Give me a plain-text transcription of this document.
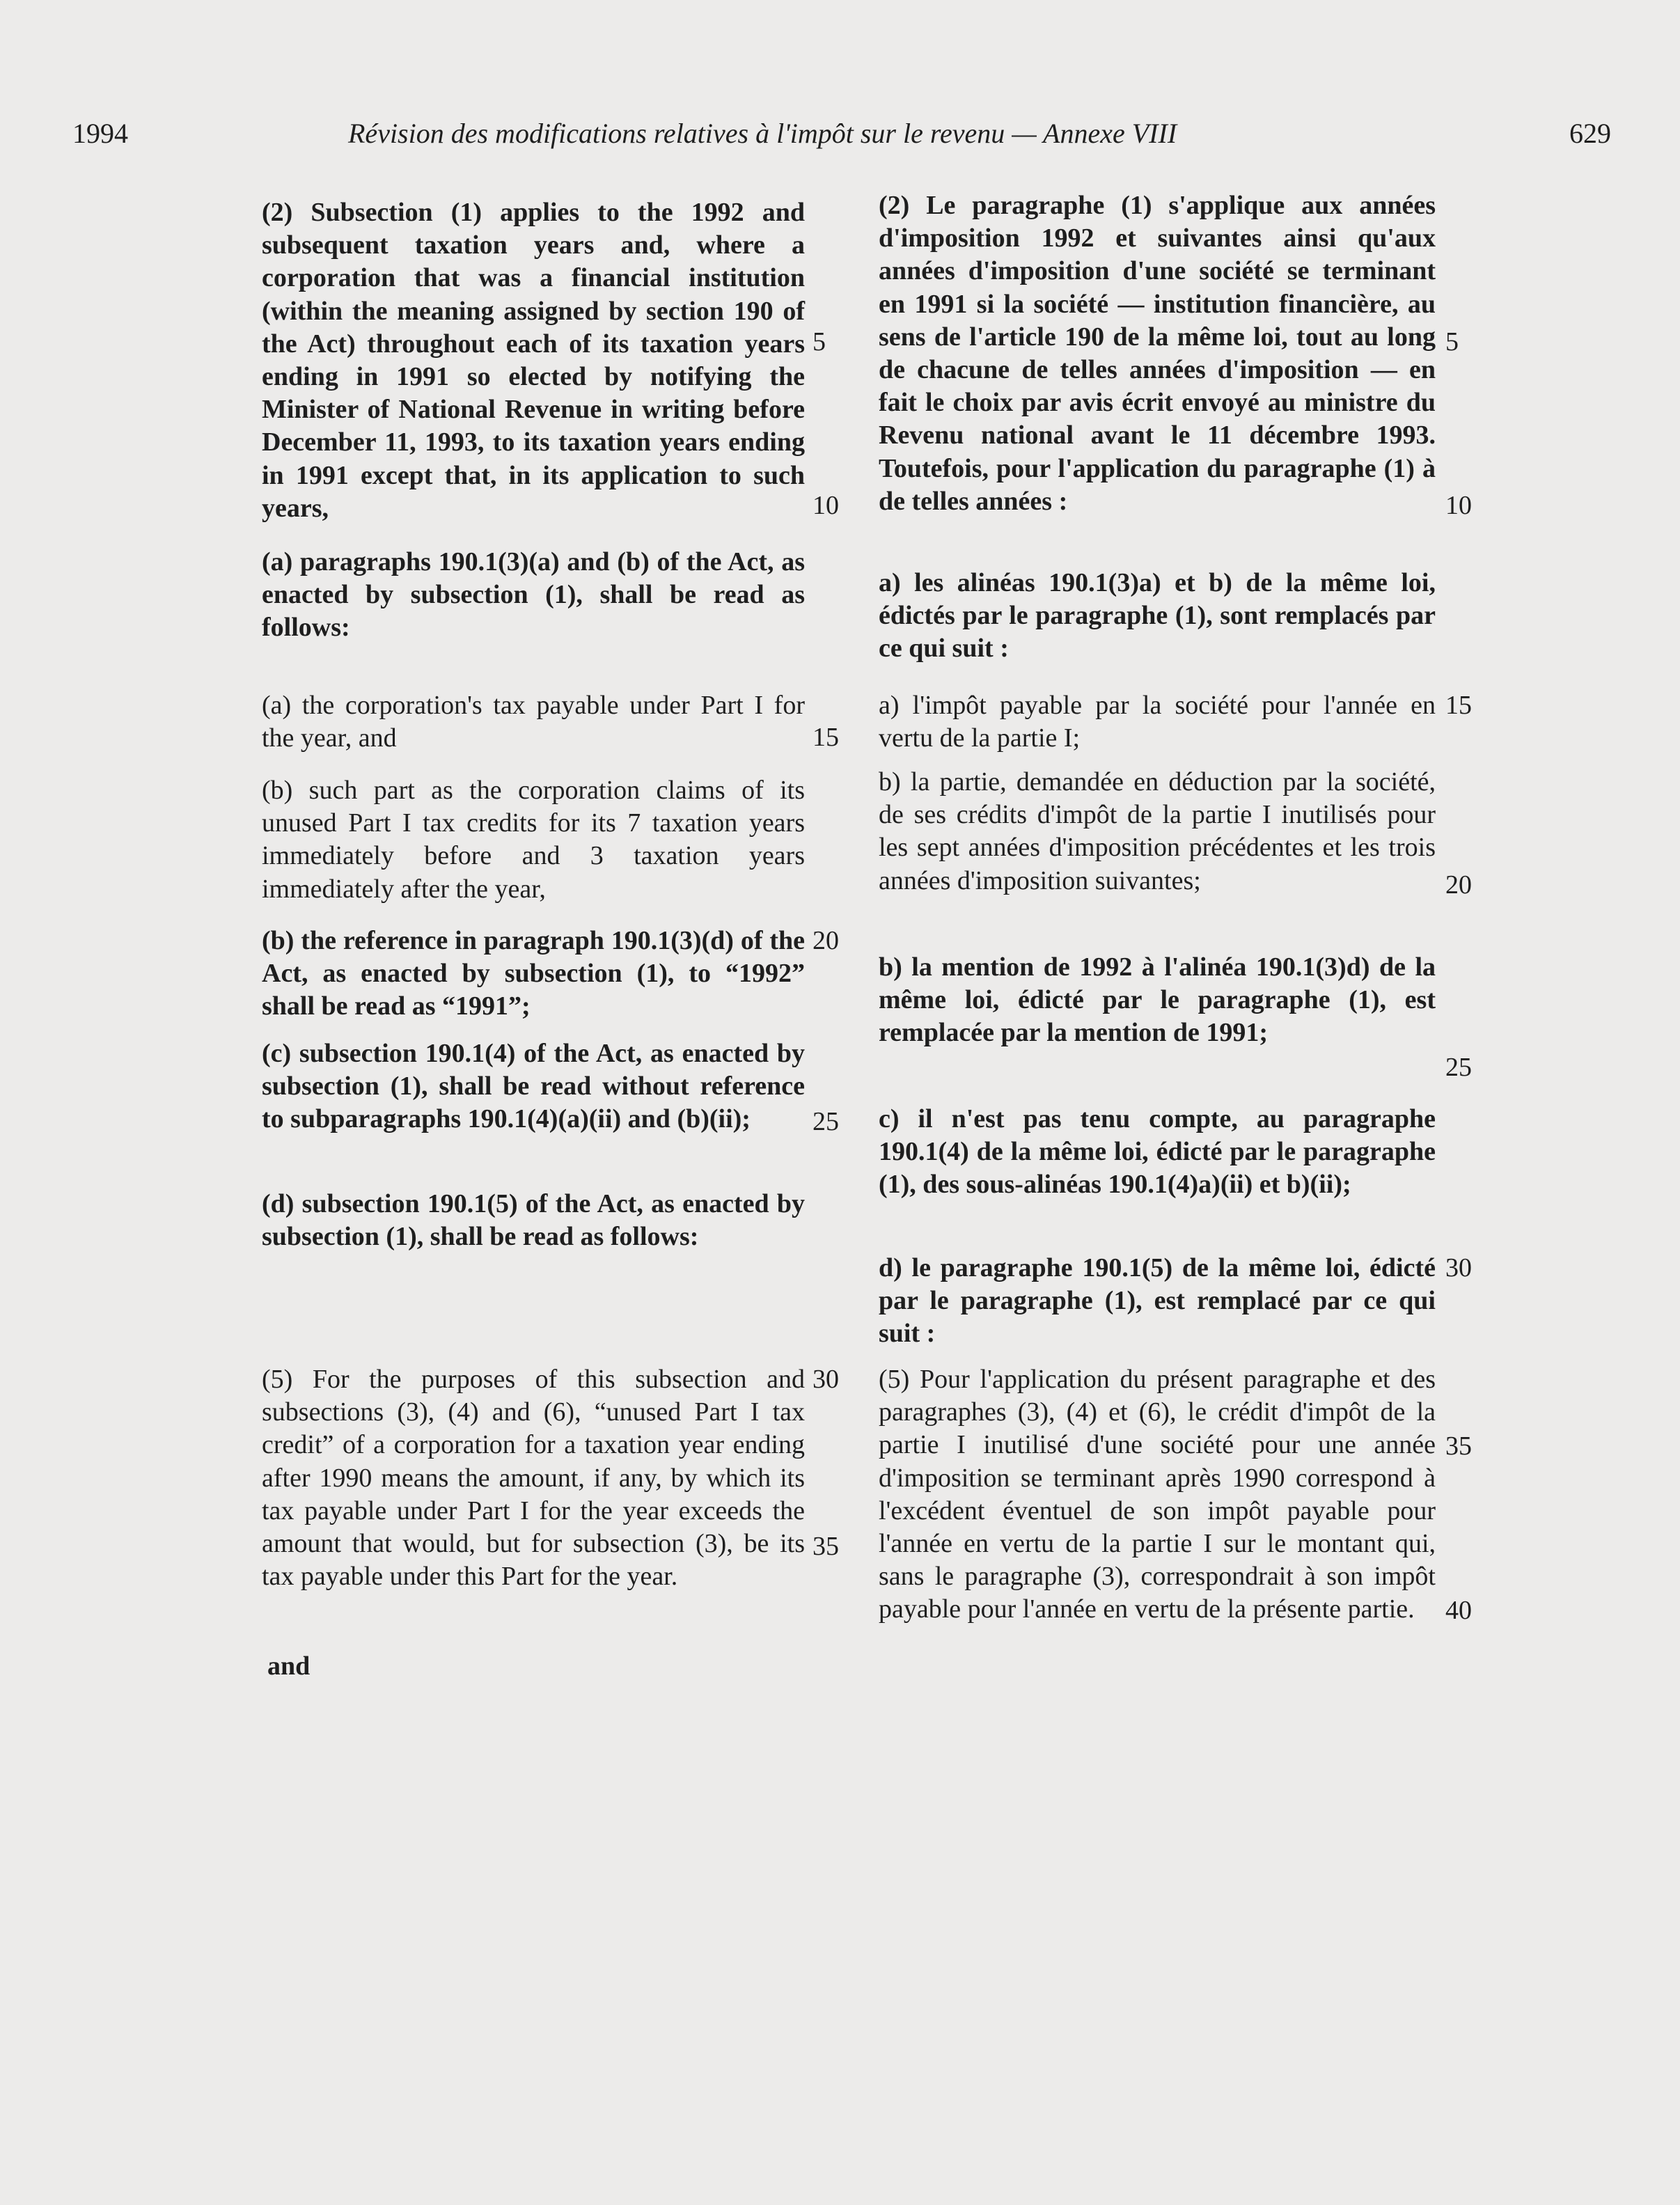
1994	Révision des modifications relatives à l'impôt sur le revenu — Annexe VIII	629

(2) Subsection (1) applies to the 1992 and subsequent taxation years and, where a corporation that was a financial institution (within the meaning assigned by section 190 of the Act) throughout each of its taxation years ending in 1991 so elected by notifying the Minister of National Revenue in writing before December 11, 1993, to its taxation years ending in 1991 except that, in its application to such years,

(a) paragraphs 190.1(3)(a) and (b) of the Act, as enacted by subsection (1), shall be read as follows:

(a) the corporation's tax payable under Part I for the year, and

(b) such part as the corporation claims of its unused Part I tax credits for its 7 taxation years immediately before and 3 taxation years immediately after the year,

(b) the reference in paragraph 190.1(3)(d) of the Act, as enacted by subsection (1), to “1992” shall be read as “1991”;

(c) subsection 190.1(4) of the Act, as enacted by subsection (1), shall be read without reference to subparagraphs 190.1(4)(a)(ii) and (b)(ii);

(d) subsection 190.1(5) of the Act, as enacted by subsection (1), shall be read as follows:

(5) For the purposes of this subsection and subsections (3), (4) and (6), “unused Part I tax credit” of a corporation for a taxation year ending after 1990 means the amount, if any, by which its tax payable under Part I for the year exceeds the amount that would, but for subsection (3), be its tax payable under this Part for the year.

and

5

10

15

20

25

30

35

(2) Le paragraphe (1) s'applique aux années d'imposition 1992 et suivantes ainsi qu'aux années d'imposition d'une société se terminant en 1991 si la société — institution financière, au sens de l'article 190 de la même loi, tout au long de chacune de telles années d'imposition — en fait le choix par avis écrit envoyé au ministre du Revenu national avant le 11 décembre 1993. Toutefois, pour l'application du paragraphe (1) à de telles années :

a) les alinéas 190.1(3)a) et b) de la même loi, édictés par le paragraphe (1), sont remplacés par ce qui suit :

a) l'impôt payable par la société pour l'année en vertu de la partie I;

b) la partie, demandée en déduction par la société, de ses crédits d'impôt de la partie I inutilisés pour les sept années d'imposition précédentes et les trois années d'imposition suivantes;

b) la mention de 1992 à l'alinéa 190.1(3)d) de la même loi, édicté par le paragraphe (1), est remplacée par la mention de 1991;

c) il n'est pas tenu compte, au paragraphe 190.1(4) de la même loi, édicté par le paragraphe (1), des sous-alinéas 190.1(4)a)(ii) et b)(ii);

d) le paragraphe 190.1(5) de la même loi, édicté par le paragraphe (1), est remplacé par ce qui suit :

(5) Pour l'application du présent paragraphe et des paragraphes (3), (4) et (6), le crédit d'impôt de la partie I inutilisé d'une société pour une année d'imposition se terminant après 1990 correspond à l'excédent éventuel de son impôt payable pour l'année en vertu de la partie I sur le montant qui, sans le paragraphe (3), correspondrait à son impôt payable pour l'année en vertu de la présente partie.

5

10

15

20

25

30

35

40
